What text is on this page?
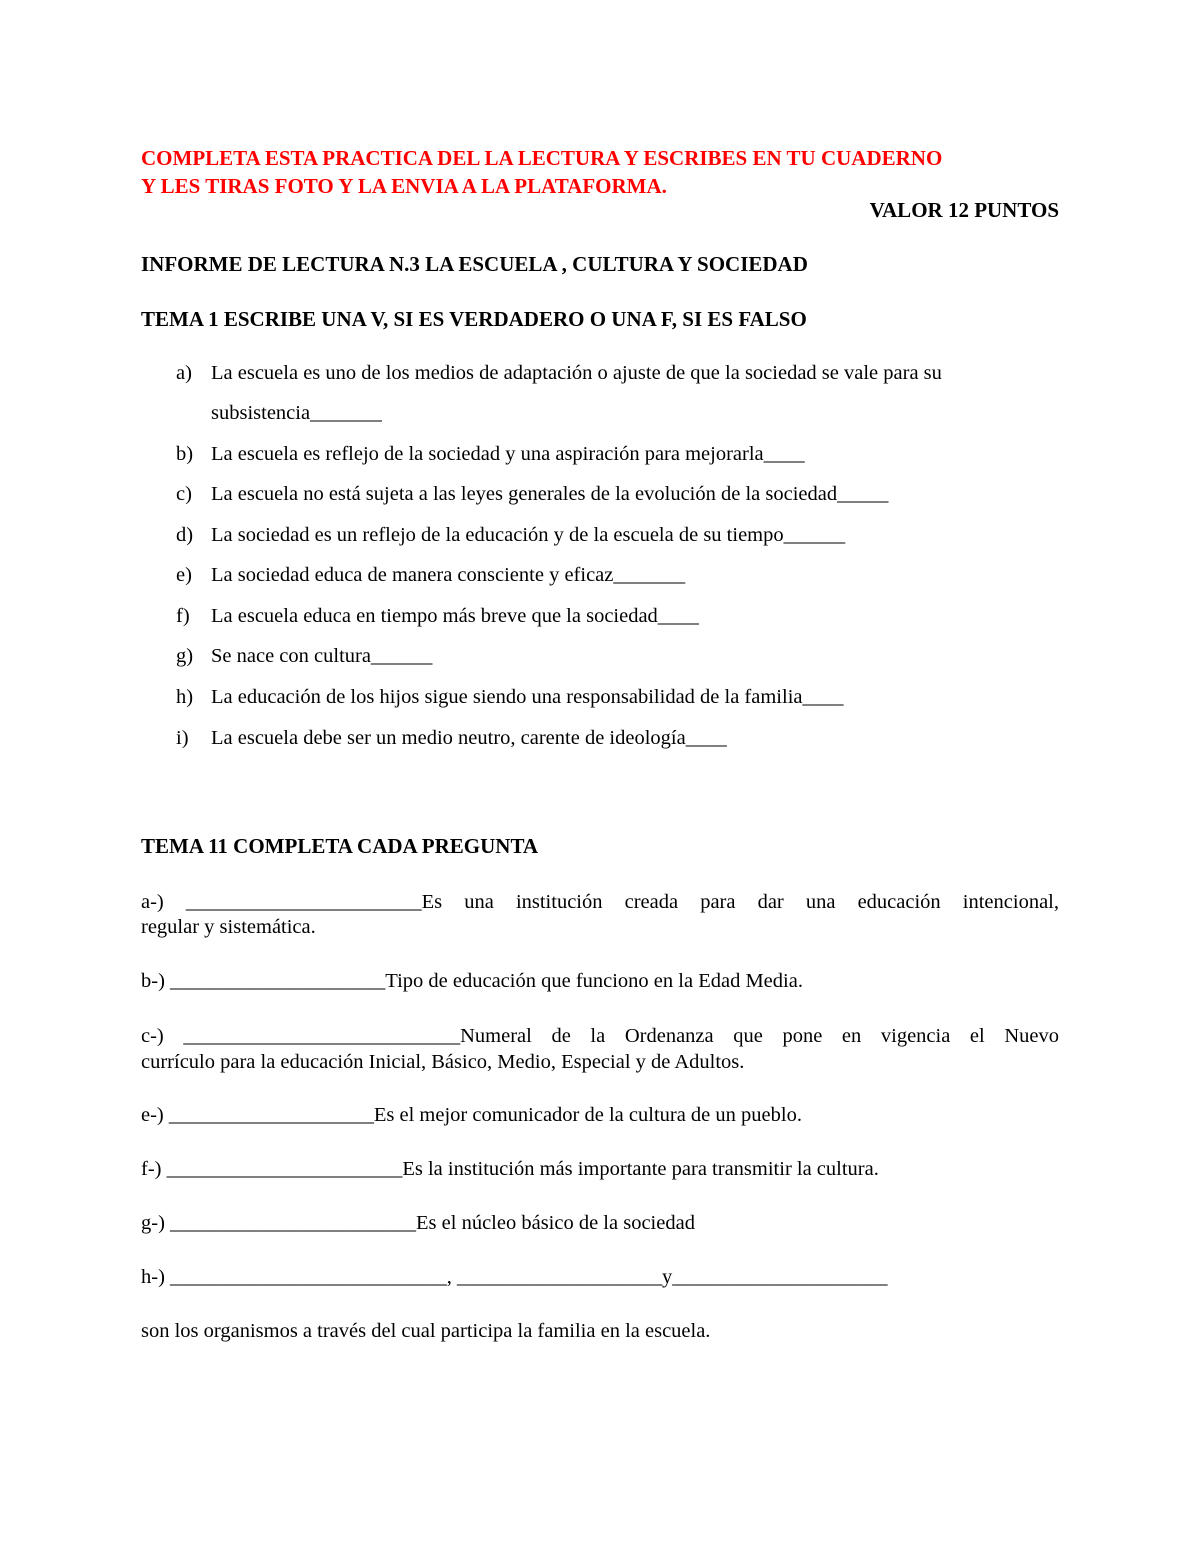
COMPLETA ESTA PRACTICA DEL LA LECTURA Y ESCRIBES EN TU CUADERNO
Y LES TIRAS FOTO Y LA ENVIA A LA PLATAFORMA.
VALOR 12 PUNTOS
INFORME DE LECTURA N.3 LA ESCUELA , CULTURA Y SOCIEDAD
TEMA 1 ESCRIBE UNA V, SI ES VERDADERO O UNA F, SI ES FALSO
a) La escuela es uno de los medios de adaptación o ajuste de que la sociedad se vale para su
subsistencia_______
b) La escuela es reflejo de la sociedad y una aspiración para mejorarla____
c) La escuela no está sujeta a las leyes generales de la evolución de la sociedad_____
d) La sociedad es un reflejo de la educación y de la escuela de su tiempo______
e) La sociedad educa de manera consciente y eficaz_______
f) La escuela educa en tiempo más breve que la sociedad____
g) Se nace con cultura______
h) La educación de los hijos sigue siendo una responsabilidad de la familia____
i) La escuela debe ser un medio neutro, carente de ideología____
TEMA 11 COMPLETA CADA PREGUNTA
a-) _______________________Es una institución creada para dar una educación intencional,
regular y sistemática.
b-) _____________________Tipo de educación que funciono en la Edad Media.
c-) ___________________________Numeral de la Ordenanza que pone en vigencia el Nuevo
currículo para la educación Inicial, Básico, Medio, Especial y de Adultos.
e-) ____________________Es el mejor comunicador de la cultura de un pueblo.
f-) _______________________Es la institución más importante para transmitir la cultura.
g-) ________________________Es el núcleo básico de la sociedad
h-) ___________________________, ____________________y_____________________
son los organismos a través del cual participa la familia en la escuela.
